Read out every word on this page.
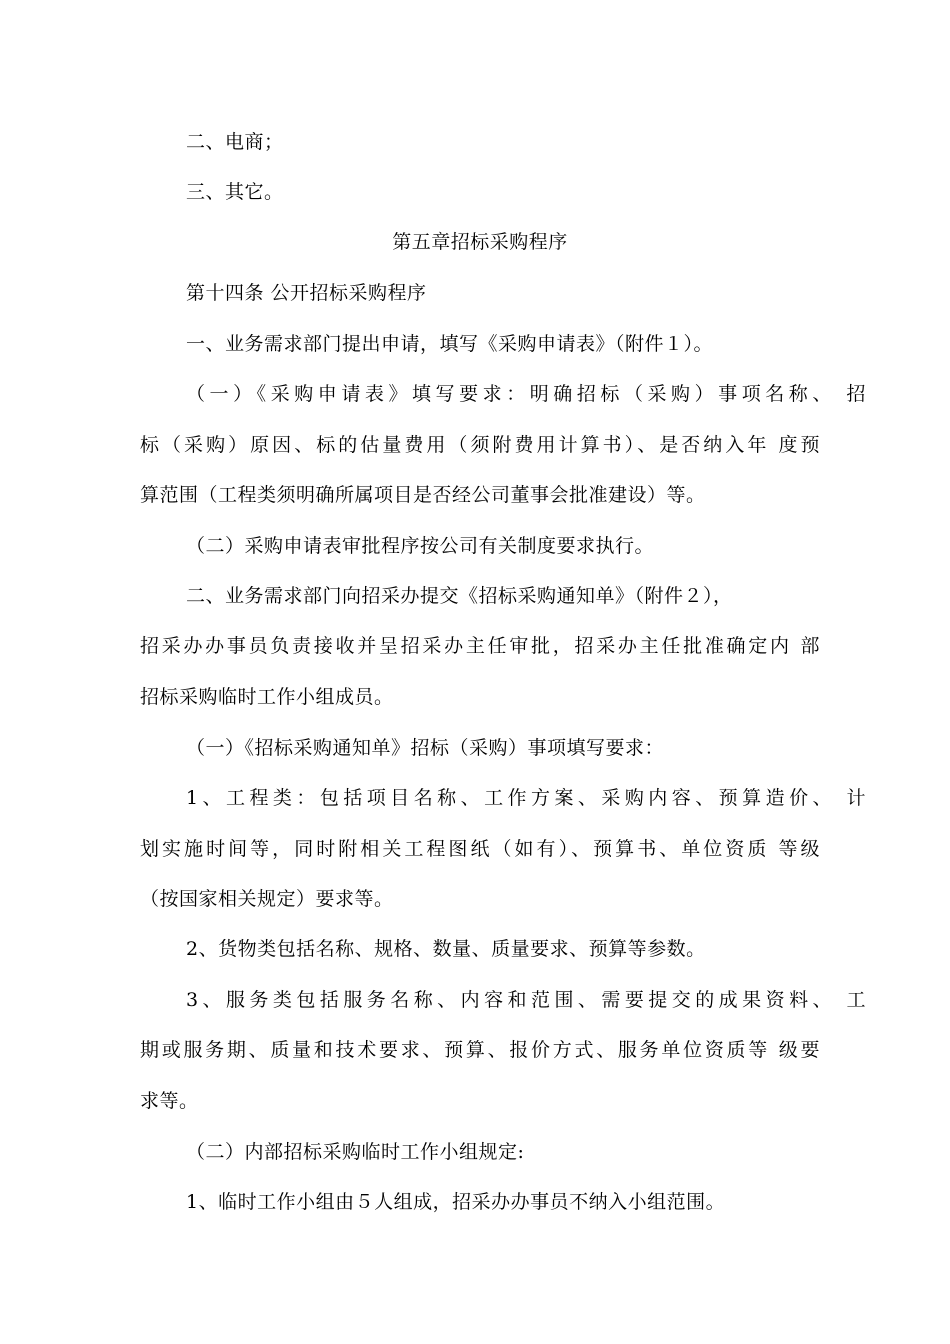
二、电商；
三、其它。
第五章招标采购程序
第十四条 公开招标采购程序
一、业务需求部门提出申请，填写《采购申请表》（附件１）。
（一）《采购申请表》填写要求：明确招标（采购）事项名称、 招
标（采购）原因、标的估量费用（须附费用计算书）、是否纳入年 度预
算范围（工程类须明确所属项目是否经公司董事会批准建设）等。
（二）采购申请表审批程序按公司有关制度要求执行。
二、业务需求部门向招采办提交《招标采购通知单》（附件２），
招采办办事员负责接收并呈招采办主任审批，招采办主任批准确定内 部
招标采购临时工作小组成员。
（一）《招标采购通知单》招标（采购）事项填写要求：
1、工程类：包括项目名称、工作方案、采购内容、预算造价、 计
划实施时间等，同时附相关工程图纸（如有）、预算书、单位资质 等级
（按国家相关规定）要求等。
2、货物类包括名称、规格、数量、质量要求、预算等参数。
3、服务类包括服务名称、内容和范围、需要提交的成果资料、 工
期或服务期、质量和技术要求、预算、报价方式、服务单位资质等 级要
求等。
（二）内部招标采购临时工作小组规定:
1、临时工作小组由５人组成，招采办办事员不纳入小组范围。
